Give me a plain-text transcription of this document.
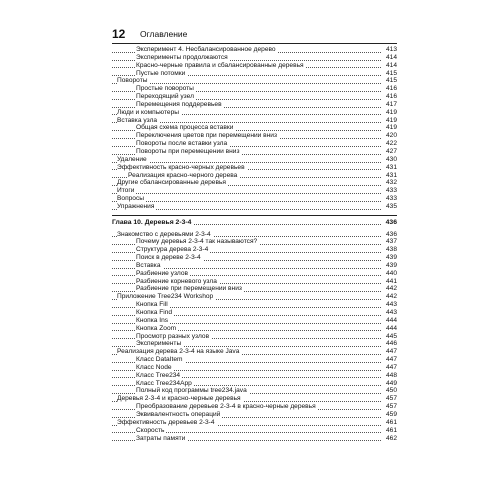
12 Оглавление
Эксперимент 4. Несбалансированное дерево	413
Эксперименты продолжаются	414
Красно-черные правила и сбалансированные деревья	414
Пустые потомки	415
Повороты	415
Простые повороты	416
Переходящий узел	416
Перемещения поддеревьев	417
Люди и компьютеры	419
Вставка узла	419
Общая схема процесса вставки	419
Переключения цветов при перемещении вниз	420
Повороты после вставки узла	422
Повороты при перемещении вниз	427
Удаление	430
Эффективность красно-черных деревьев	431
Реализация красно-черного дерева	431
Другие сбалансированные деревья	432
Итоги	433
Вопросы	433
Упражнения	435
Глава 10. Деревья 2-3-4	436
Знакомство с деревьями 2-3-4	436
Почему деревья 2-3-4 так называются?	437
Структура дерева 2-3-4	438
Поиск в дереве 2-3-4	439
Вставка	439
Разбиение узлов	440
Разбиение корневого узла	441
Разбиение при перемещении вниз	442
Приложение Tree234 Workshop	442
Кнопка Fill	443
Кнопка Find	443
Кнопка Ins	444
Кнопка Zoom	444
Просмотр разных узлов	445
Эксперименты	446
Реализация дерева 2-3-4 на языке Java	447
Класс DataItem	447
Класс Node	447
Класс Tree234	448
Класс Tree234App	449
Полный код программы tree234.java	450
Деревья 2-3-4 и красно-черные деревья	457
Преобразование деревьев 2-3-4 в красно-черные деревья	457
Эквивалентность операций	459
Эффективность деревьев 2-3-4	461
Скорость	461
Затраты памяти	462
